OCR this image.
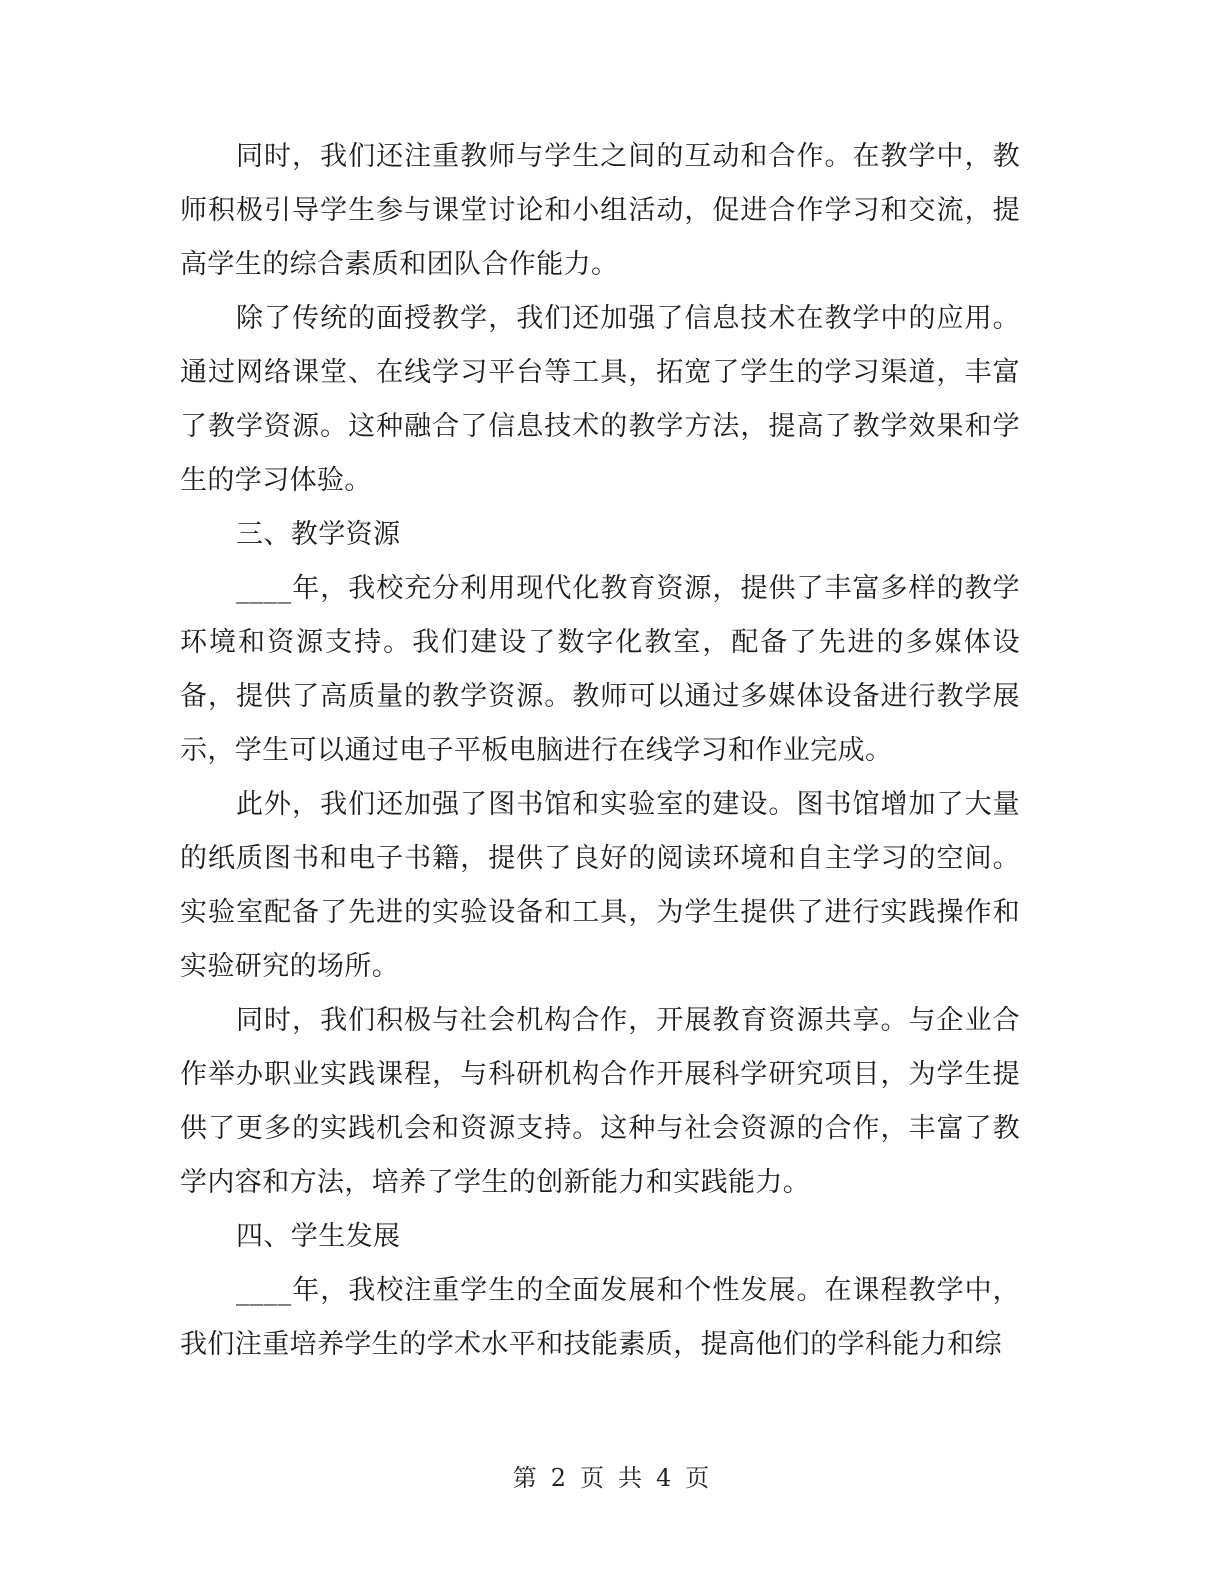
同时，我们还注重教师与学生之间的互动和合作。在教学中，教师积极引导学生参与课堂讨论和小组活动，促进合作学习和交流，提高学生的综合素质和团队合作能力。

除了传统的面授教学，我们还加强了信息技术在教学中的应用。通过网络课堂、在线学习平台等工具，拓宽了学生的学习渠道，丰富了教学资源。这种融合了信息技术的教学方法，提高了教学效果和学生的学习体验。

三、教学资源

____年，我校充分利用现代化教育资源，提供了丰富多样的教学环境和资源支持。我们建设了数字化教室，配备了先进的多媒体设备，提供了高质量的教学资源。教师可以通过多媒体设备进行教学展示，学生可以通过电子平板电脑进行在线学习和作业完成。

此外，我们还加强了图书馆和实验室的建设。图书馆增加了大量的纸质图书和电子书籍，提供了良好的阅读环境和自主学习的空间。实验室配备了先进的实验设备和工具，为学生提供了进行实践操作和实验研究的场所。

同时，我们积极与社会机构合作，开展教育资源共享。与企业合作举办职业实践课程，与科研机构合作开展科学研究项目，为学生提供了更多的实践机会和资源支持。这种与社会资源的合作，丰富了教学内容和方法，培养了学生的创新能力和实践能力。

四、学生发展

____年，我校注重学生的全面发展和个性发展。在课程教学中，我们注重培养学生的学术水平和技能素质，提高他们的学科能力和综

第 2 页 共 4 页
